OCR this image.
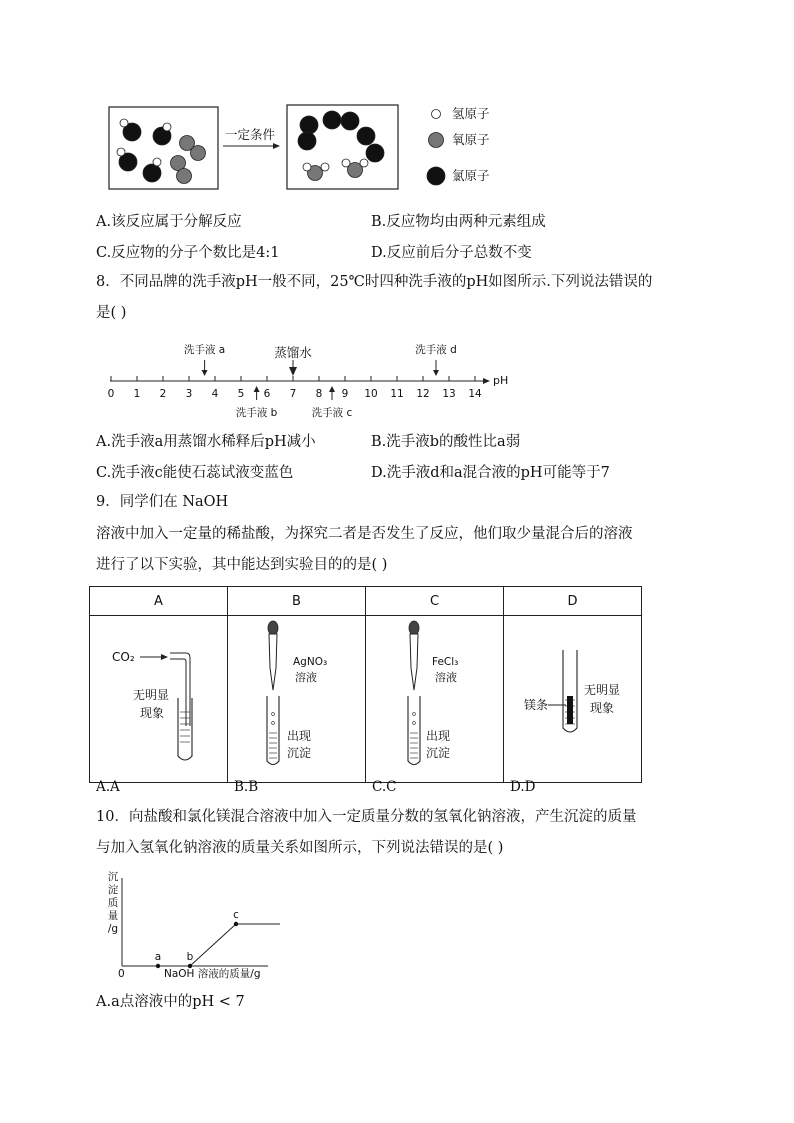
一定条件
氢原子
氧原子
氯原子
A.该反应属于分解反应	B.反应物均由两种元素组成
C.反应物的分子个数比是4:1	D.反应前后分子总数不变
8．不同品牌的洗手液pH一般不同，25℃时四种洗手液的pH如图所示.下列说法错误的
是( )
pH
0 1 2 3 4 5 6 7 8 9 10 11 12 13 14
洗手液 a	蒸馏水	洗手液 d
洗手液 b	洗手液 c
A.洗手液a用蒸馏水稀释后pH减小	B.洗手液b的酸性比a弱
C.洗手液c能使石蕊试液变蓝色	D.洗手液d和a混合液的pH可能等于7
9．同学们在 NaOH
溶液中加入一定量的稀盐酸，为探究二者是否发生了反应，他们取少量混合后的溶液
进行了以下实验，其中能达到实验目的的是( )
A	B	C	D

CO₂
无明显
现象	AgNO₃
溶液
出现
沉淀	FeCl₃
溶液
出现
沉淀	镁条
无明显
现象
A.A	B.B	C.C	D.D
10．向盐酸和氯化镁混合溶液中加入一定质量分数的氢氧化钠溶液，产生沉淀的质量
与加入氢氧化钠溶液的质量关系如图所示，下列说法错误的是( )
沉
淀
质
量
/g
0	NaOH 溶液的质量/g
a b
c
A.a点溶液中的pH < 7
